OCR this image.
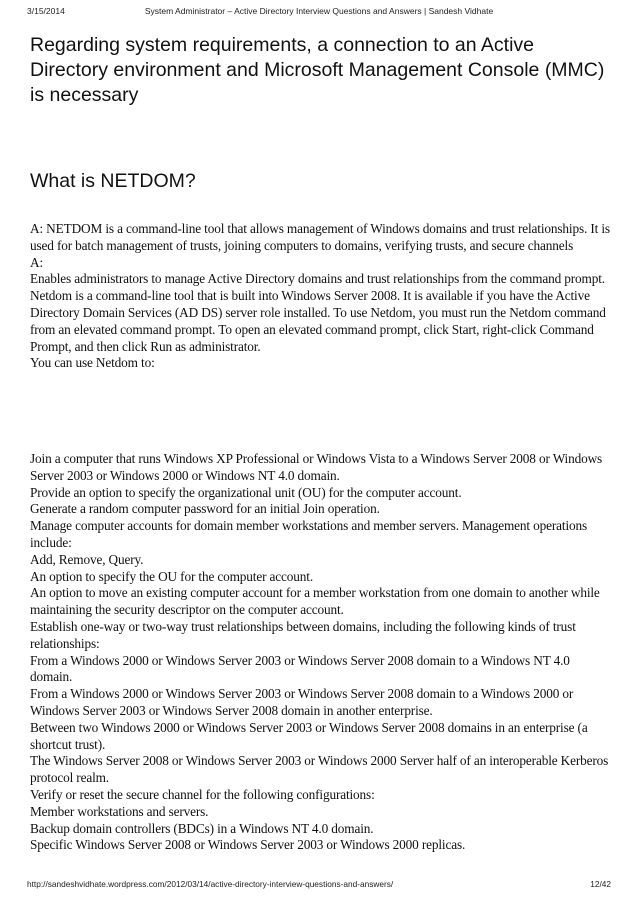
3/15/2014	System Administrator – Active Directory Interview Questions and Answers | Sandesh Vidhate
Regarding system requirements, a connection to an Active Directory environment and Microsoft Management Console (MMC) is necessary
What is NETDOM?
A: NETDOM is a command-line tool that allows management of Windows domains and trust relationships. It is used for batch management of trusts, joining computers to domains, verifying trusts, and secure channels
A:
Enables administrators to manage Active Directory domains and trust relationships from the command prompt.
Netdom is a command-line tool that is built into Windows Server 2008. It is available if you have the Active Directory Domain Services (AD DS) server role installed. To use Netdom, you must run the Netdom command from an elevated command prompt. To open an elevated command prompt, click Start, right-click Command Prompt, and then click Run as administrator.
You can use Netdom to:
Join a computer that runs Windows XP Professional or Windows Vista to a Windows Server 2008 or Windows Server 2003 or Windows 2000 or Windows NT 4.0 domain.
Provide an option to specify the organizational unit (OU) for the computer account.
Generate a random computer password for an initial Join operation.
Manage computer accounts for domain member workstations and member servers. Management operations include:
Add, Remove, Query.
An option to specify the OU for the computer account.
An option to move an existing computer account for a member workstation from one domain to another while maintaining the security descriptor on the computer account.
Establish one-way or two-way trust relationships between domains, including the following kinds of trust relationships:
From a Windows 2000 or Windows Server 2003 or Windows Server 2008 domain to a Windows NT 4.0 domain.
From a Windows 2000 or Windows Server 2003 or Windows Server 2008 domain to a Windows 2000 or Windows Server 2003 or Windows Server 2008 domain in another enterprise.
Between two Windows 2000 or Windows Server 2003 or Windows Server 2008 domains in an enterprise (a shortcut trust).
The Windows Server 2008 or Windows Server 2003 or Windows 2000 Server half of an interoperable Kerberos protocol realm.
Verify or reset the secure channel for the following configurations:
Member workstations and servers.
Backup domain controllers (BDCs) in a Windows NT 4.0 domain.
Specific Windows Server 2008 or Windows Server 2003 or Windows 2000 replicas.
http://sandeshvidhate.wordpress.com/2012/03/14/active-directory-interview-questions-and-answers/	12/42
